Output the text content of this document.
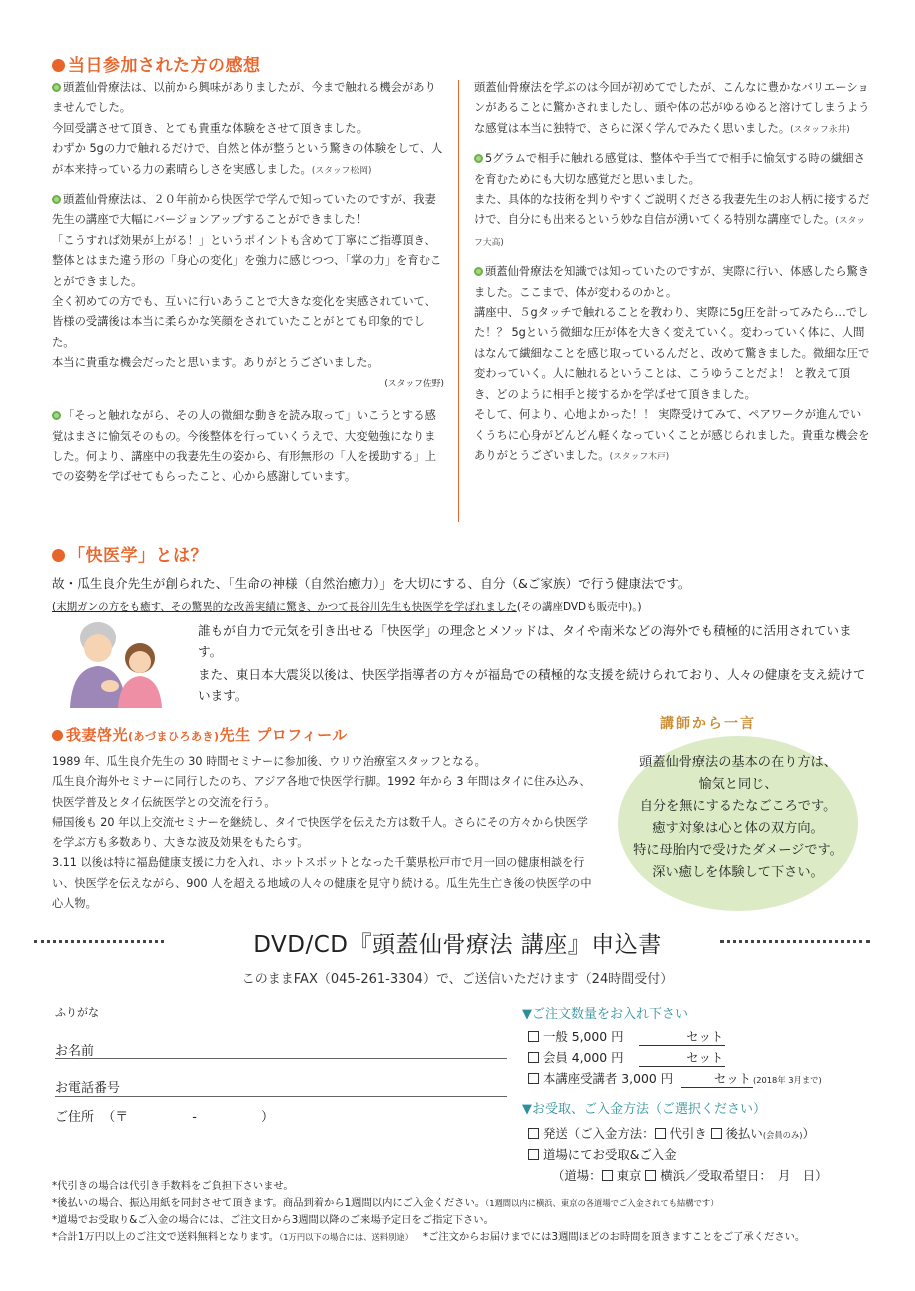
当日参加された方の感想

頭蓋仙骨療法は、以前から興味がありましたが、今まで触れる機会がありませんでした。

今回受講させて頂き、とても貴重な体験をさせて頂きました。

わずか 5gの力で触れるだけで、自然と体が整うという驚きの体験をして、人が本来持っている力の素晴らしさを実感しました。(スタッフ松岡)

頭蓋仙骨療法は、２０年前から快医学で学んで知っていたのですが、我妻先生の講座で大幅にバージョンアップすることができました！

「こうすれば効果が上がる！」というポイントも含めて丁寧にご指導頂き、整体とはまた違う形の「身心の変化」を強力に感じつつ、「掌の力」を育むことができました。

全く初めての方でも、互いに行いあうことで大きな変化を実感されていて、皆様の受講後は本当に柔らかな笑顔をされていたことがとても印象的でした。

本当に貴重な機会だったと思います。ありがとうございました。

(スタッフ佐野)

「そっと触れながら、その人の微細な動きを読み取って」いこうとする感覚はまさに愉気そのもの。今後整体を行っていくうえで、大変勉強になりました。何より、講座中の我妻先生の姿から、有形無形の「人を援助する」上での姿勢を学ばせてもらったこと、心から感謝しています。

頭蓋仙骨療法を学ぶのは今回が初めてでしたが、こんなに豊かなバリエーションがあることに驚かされましたし、頭や体の芯がゆるゆると溶けてしまうような感覚は本当に独特で、さらに深く学んでみたく思いました。(スタッフ永井)

5グラムで相手に触れる感覚は、整体や手当てで相手に愉気する時の繊細さを育むためにも大切な感覚だと思いました。

また、具体的な技術を判りやすくご説明くださる我妻先生のお人柄に接するだけで、自分にも出来るという妙な自信が湧いてくる特別な講座でした。(スタッフ大高)

頭蓋仙骨療法を知識では知っていたのですが、実際に行い、体感したら驚きました。ここまで、体が変わるのかと。

講座中、５gタッチで触れることを教わり、実際に5g圧を計ってみたら…でした！？ 5gという微細な圧が体を大きく変えていく。変わっていく体に、人間はなんて繊細なことを感じ取っているんだと、改めて驚きました。微細な圧で変わっていく。人に触れるということは、こうゆうことだよ！ と教えて頂き、どのように相手と接するかを学ばせて頂きました。

そして、何より、心地よかった！！ 実際受けてみて、ペアワークが進んでいくうちに心身がどんどん軽くなっていくことが感じられました。貴重な機会をありがとうございました。(スタッフ木戸)

「快医学」とは？
故・瓜生良介先生が創られた、「生命の神様（自然治癒力）」を大切にする、自分（&ご家族）で行う健康法です。
(末期ガンの方をも癒す、その驚異的な改善実績に驚き、かつて長谷川先生も快医学を学ばれました(その講座DVDも販売中)。)
誰もが自力で元気を引き出せる「快医学」の理念とメソッドは、タイや南米などの海外でも積極的に活用されています。
また、東日本大震災以後は、快医学指導者の方々が福島での積極的な支援を続けられており、人々の健康を支え続けています。
我妻啓光(あづまひろあき)先生 プロフィール

1989 年、瓜生良介先生の 30 時間セミナーに参加後、ウリウ治療室スタッフとなる。

瓜生良介海外セミナーに同行したのち、アジア各地で快医学行脚。1992 年から 3 年間はタイに住み込み、快医学普及とタイ伝統医学との交流を行う。

帰国後も 20 年以上交流セミナーを継続し、タイで快医学を伝えた方は数千人。さらにその方々から快医学を学ぶ方も多数あり、大きな波及効果をもたらす。

3.11 以後は特に福島健康支援に力を入れ、ホットスポットとなった千葉県松戸市で月一回の健康相談を行い、快医学を伝えながら、900 人を超える地域の人々の健康を見守り続ける。瓜生先生亡き後の快医学の中心人物。

講師から一言

頭蓋仙骨療法の基本の在り方は、

愉気と同じ、

自分を無にするたなごころです。

癒す対象は心と体の双方向。

特に母胎内で受けたダメージです。

深い癒しを体験して下さい。

DVD/CD『頭蓋仙骨療法 講座』申込書
このままFAX（045-261-3304）で、ご送信いただけます（24時間受付）
ふりがな
お名前
お電話番号
ご住所 （〒	-	）
▼ご注文数量をお入れ下さい
一般 5,000 円	セット
会員 4,000 円	セット
本講座受講者 3,000 円	セット (2018年 3月まで)
▼お受取、ご入金方法（ご選択ください）
発送（ご入金方法： 代引き 後払い(会員のみ)）
道場にてお受取&ご入金
（道場： 東京 横浜／受取希望日：　月　日）

*代引きの場合は代引き手数料をご負担下さいませ。

*後払いの場合、振込用紙を同封させて頂きます。商品到着から1週間以内にご入金ください。（1週間以内に横浜、東京の各道場でご入金されても結構です）

*道場でお受取り&ご入金の場合には、ご注文日から3週間以降のご来場予定日をご指定下さい。

*合計1万円以上のご注文で送料無料となります。（1万円以下の場合には、送料別途） *ご注文からお届けまでには3週間ほどのお時間を頂きますことをご了承ください。
